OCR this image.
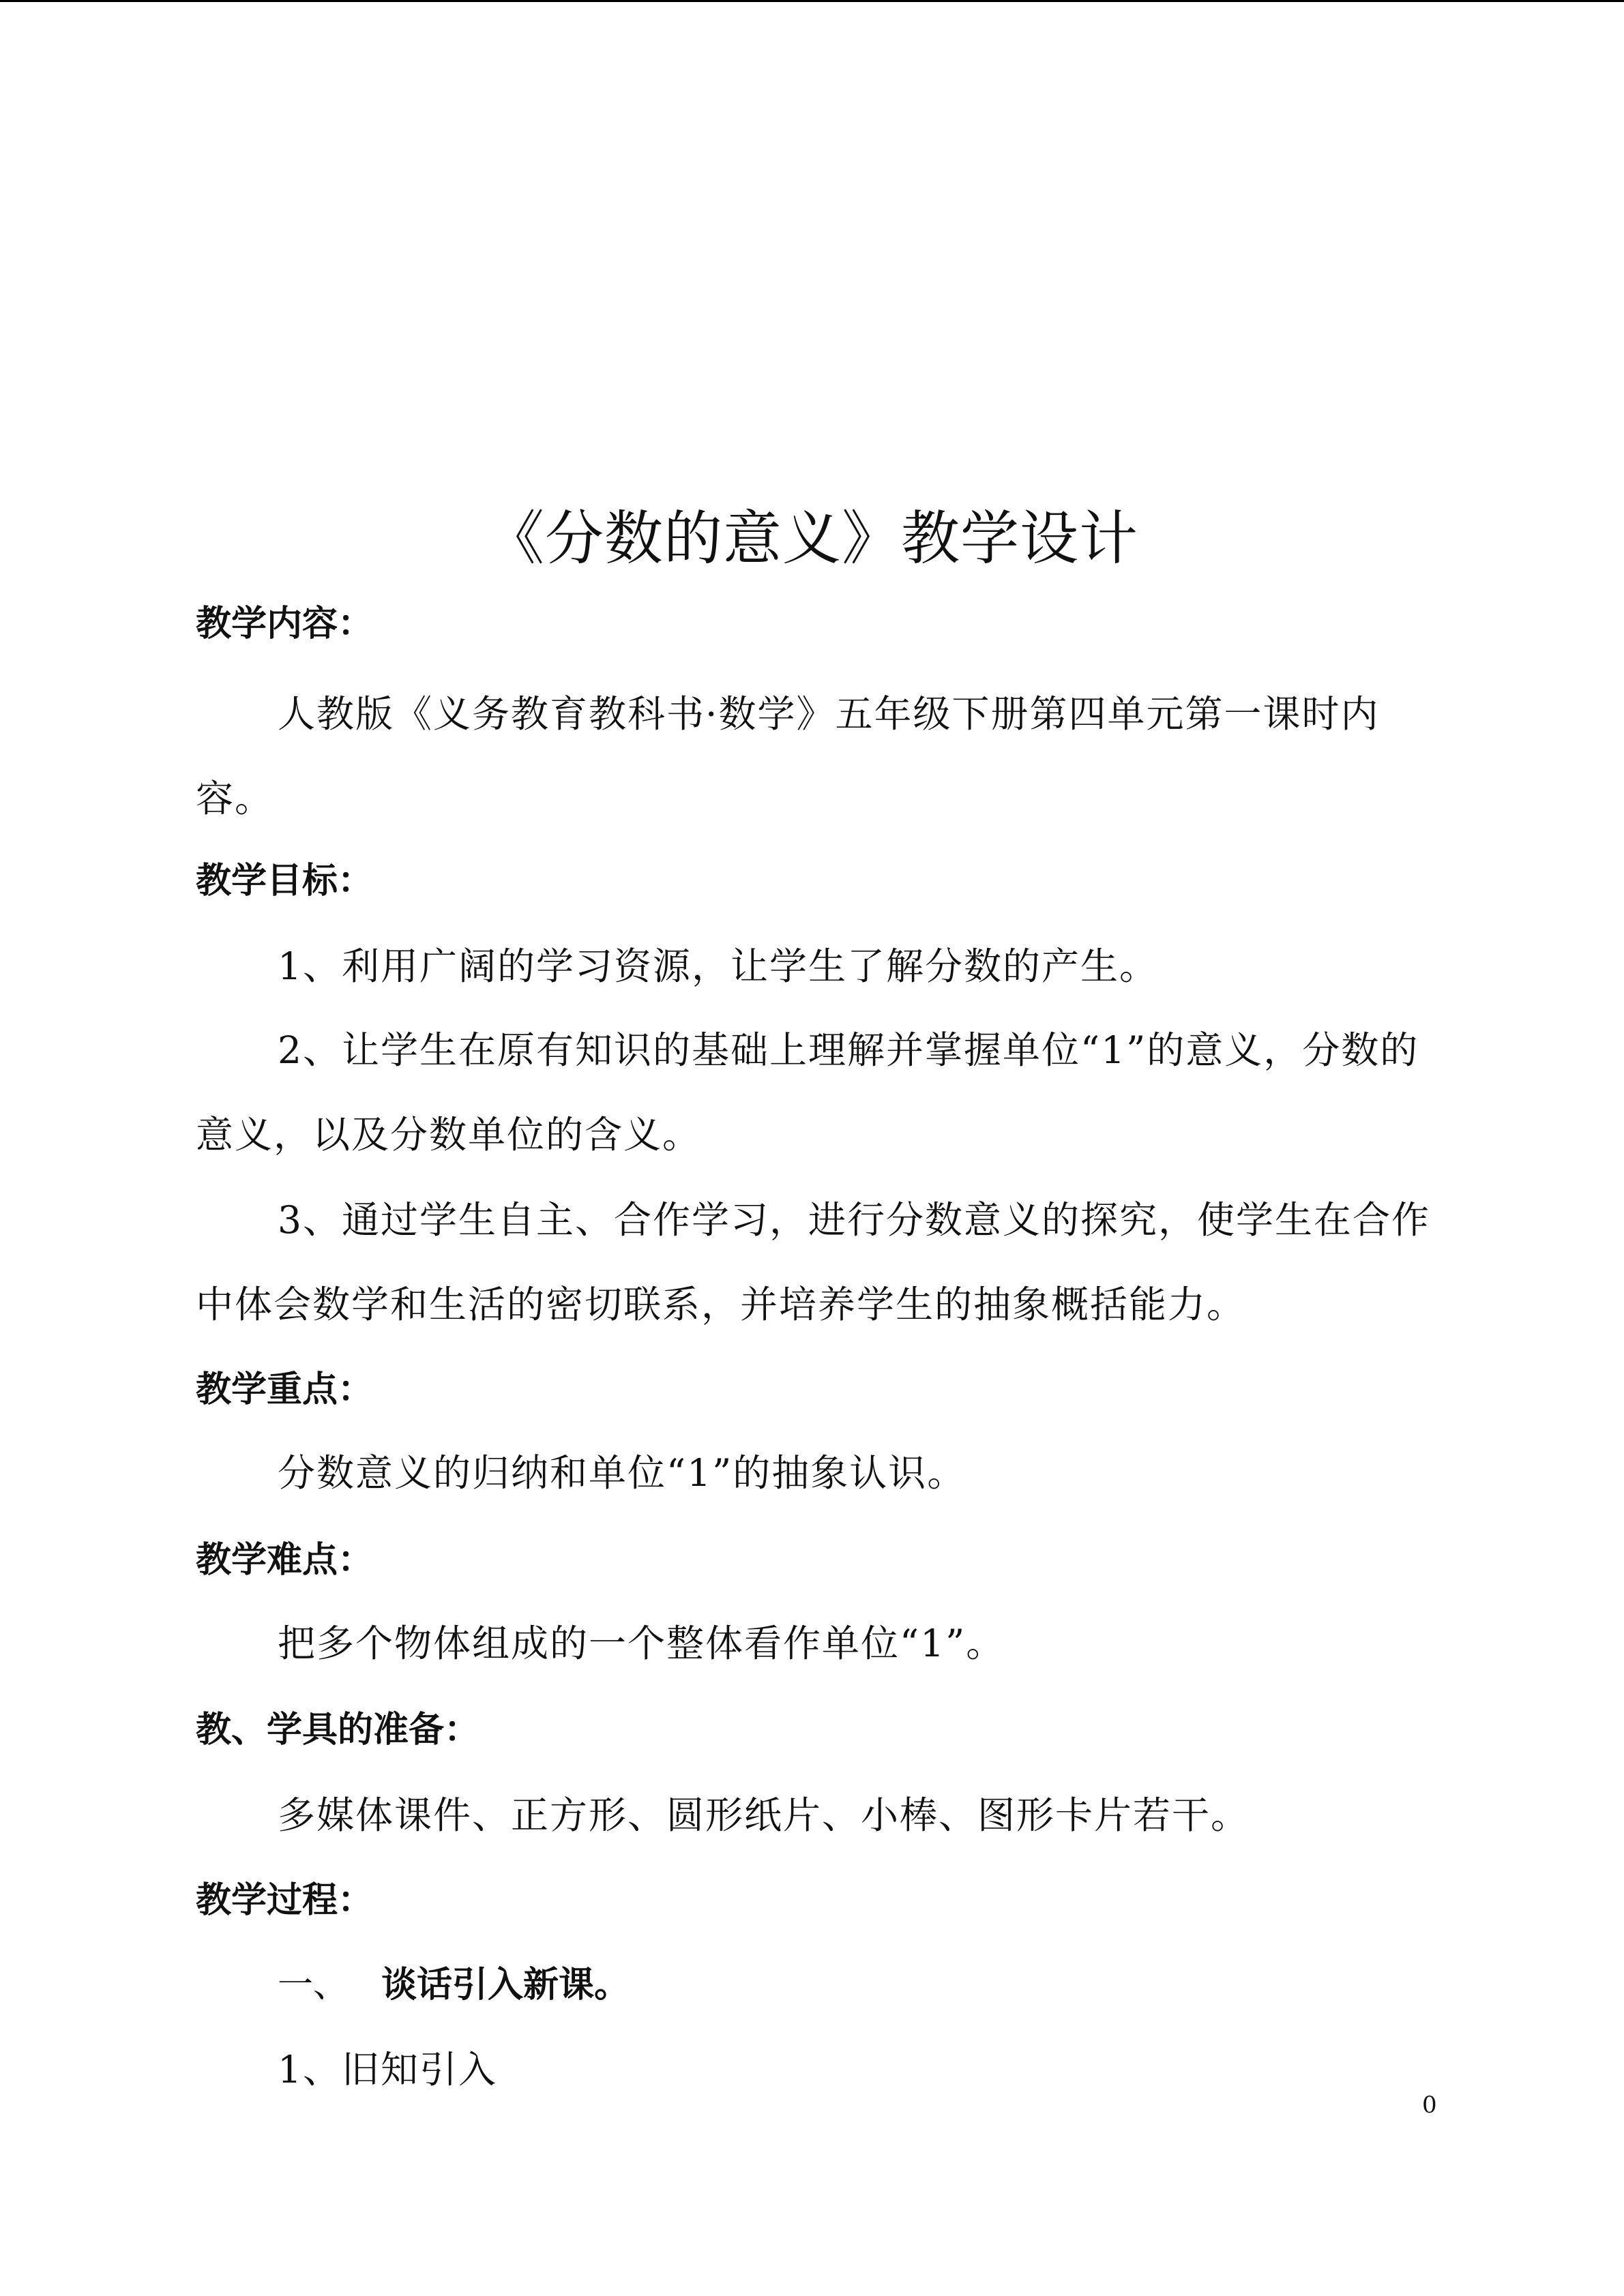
《分数的意义》教学设计
教学内容：
人教版《义务教育教科书·数学》五年级下册第四单元第一课时内容。
教学目标：
1、利用广阔的学习资源，让学生了解分数的产生。
2、让学生在原有知识的基础上理解并掌握单位“1”的意义，分数的意义，以及分数单位的含义。
3、通过学生自主、合作学习，进行分数意义的探究，使学生在合作中体会数学和生活的密切联系，并培养学生的抽象概括能力。
教学重点：
分数意义的归纳和单位“1”的抽象认识。
教学难点：
把多个物体组成的一个整体看作单位“1”。
教、学具的准备：
多媒体课件、正方形、圆形纸片、小棒、图形卡片若干。
教学过程：
一、 谈话引入新课。
1、旧知引入
0
